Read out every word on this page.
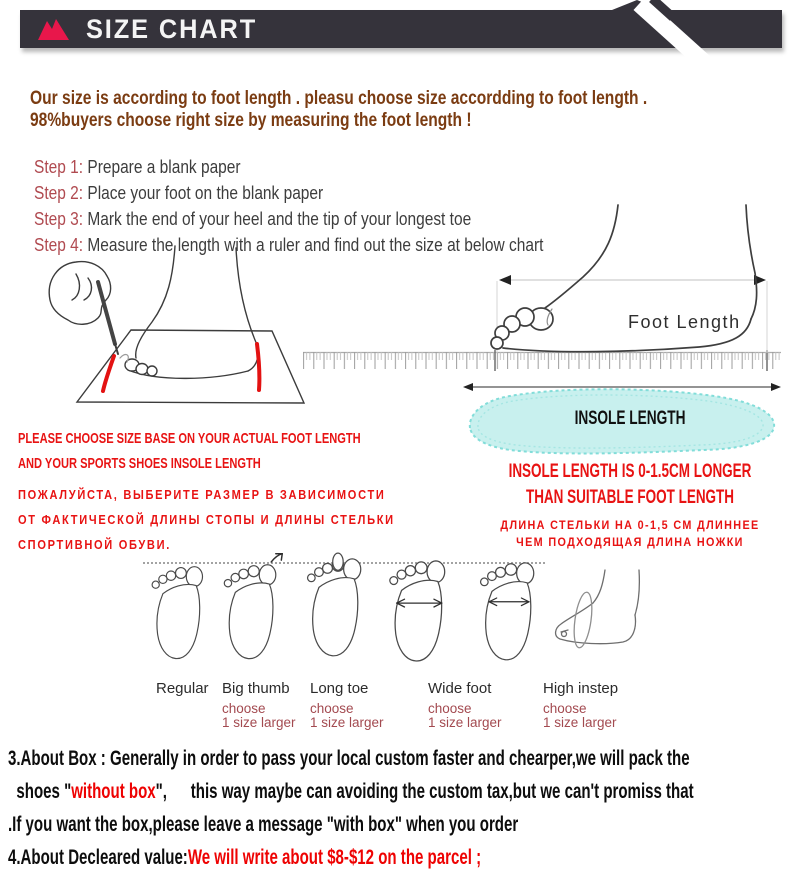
SIZE CHART
Our size is according to foot length . pleasu choose size accordding to foot length .
98%buyers choose right size by measuring the foot length !
Step 1: Prepare a blank paper
Step 2: Place your foot on the blank paper
Step 3: Mark the end of your heel and the tip of your longest toe
Step 4: Measure the length with a ruler and find out the size at below chart
Foot Length
INSOLE LENGTH
PLEASE CHOOSE SIZE BASE ON YOUR ACTUAL FOOT LENGTH
AND YOUR SPORTS SHOES INSOLE LENGTH
ПОЖАЛУЙСТА, ВЫБЕРИТЕ РАЗМЕР В ЗАВИСИМОСТИ
ОТ ФАКТИЧЕСКОЙ ДЛИНЫ СТОПЫ И ДЛИНЫ СТЕЛЬКИ
СПОРТИВНОЙ ОБУВИ.
INSOLE LENGTH IS 0-1.5CM LONGER
THAN SUITABLE FOOT LENGTH
ДЛИНА СТЕЛЬКИ НА 0-1,5 СМ ДЛИННЕЕ
ЧЕМ ПОДХОДЯЩАЯ ДЛИНА НОЖКИ
Regular Big thumb
choose
1 size larger
Long toe
choose
1 size larger
Wide foot
choose
1 size larger
High instep
choose
1 size larger
3.About Box : Generally in order to pass your local custom faster and chearper,we will pack the
shoes "without box", this way maybe can avoiding the custom tax,but we can't promiss that
.If you want the box,please leave a message "with box" when you order
4.About Decleared value:We will write about $8-$12 on the parcel ;
